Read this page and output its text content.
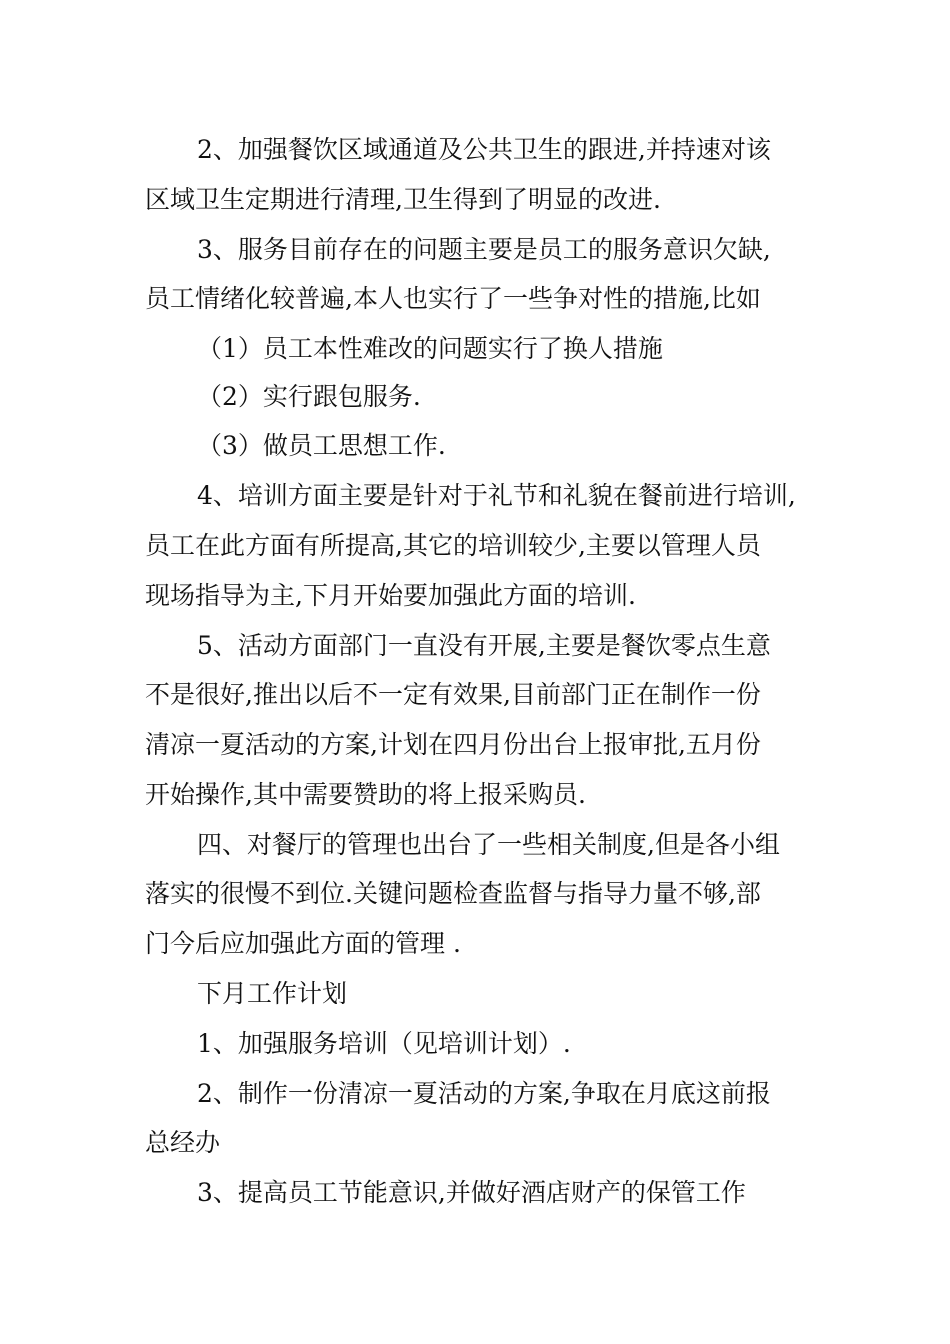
2、加强餐饮区域通道及公共卫生的跟进,并持速对该

区域卫生定期进行清理,卫生得到了明显的改进.

3、服务目前存在的问题主要是员工的服务意识欠缺,

员工情绪化较普遍,本人也实行了一些争对性的措施,比如

（1）员工本性难改的问题实行了换人措施

（2）实行跟包服务.

（3）做员工思想工作.

4、培训方面主要是针对于礼节和礼貌在餐前进行培训,

员工在此方面有所提高,其它的培训较少,主要以管理人员

现场指导为主,下月开始要加强此方面的培训.

5、活动方面部门一直没有开展,主要是餐饮零点生意

不是很好,推出以后不一定有效果,目前部门正在制作一份

清凉一夏活动的方案,计划在四月份出台上报审批,五月份

开始操作,其中需要赞助的将上报采购员.

四、对餐厅的管理也出台了一些相关制度,但是各小组

落实的很慢不到位.关键问题检查监督与指导力量不够,部

门今后应加强此方面的管理 .

下月工作计划

1、加强服务培训（见培训计划）.

2、制作一份清凉一夏活动的方案,争取在月底这前报

总经办

3、提高员工节能意识,并做好酒店财产的保管工作
